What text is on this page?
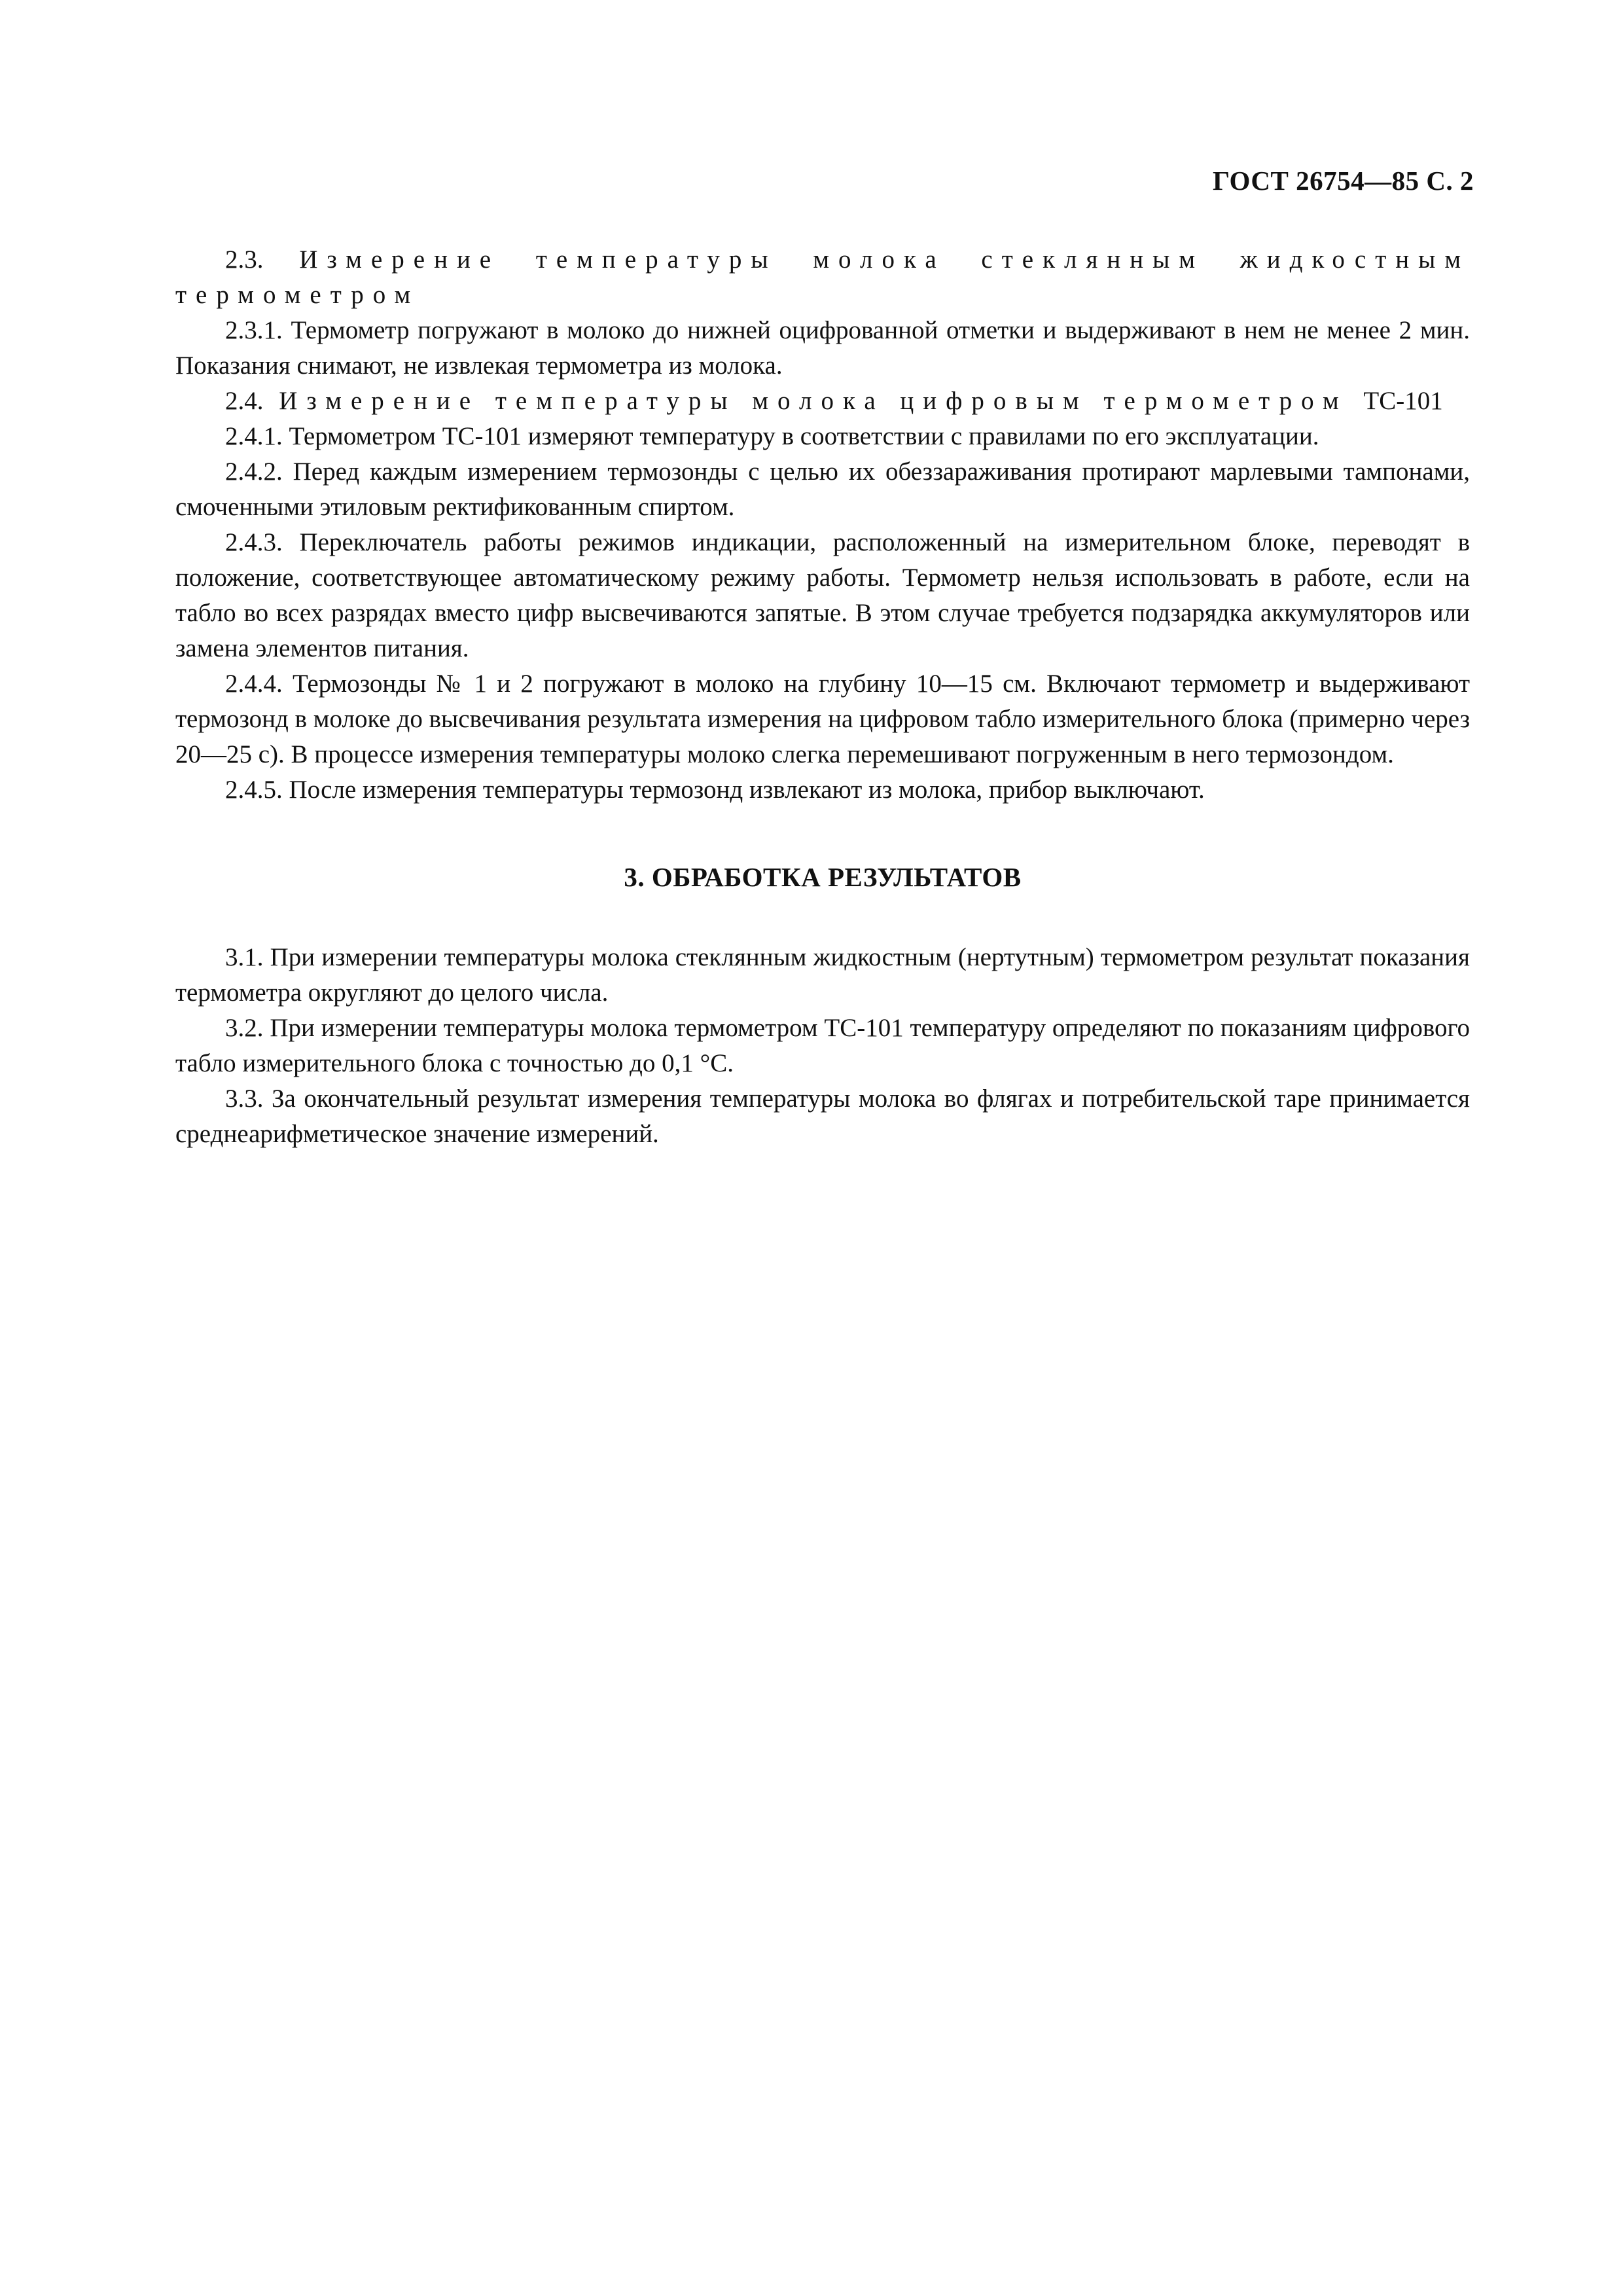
ГОСТ 26754—85 С. 2

2.3. Измерение температуры молока стеклянным жидкостным термометром

2.3.1. Термометр погружают в молоко до нижней оцифрованной отметки и выдерживают в нем не менее 2 мин. Показания снимают, не извлекая термометра из молока.

2.4. Измерение температуры молока цифровым термометром ТС-101

2.4.1. Термометром ТС-101 измеряют температуру в соответствии с правилами по его эксплуатации.

2.4.2. Перед каждым измерением термозонды с целью их обеззараживания протирают марлевыми тампонами, смоченными этиловым ректификованным спиртом.

2.4.3. Переключатель работы режимов индикации, расположенный на измерительном блоке, переводят в положение, соответствующее автоматическому режиму работы. Термометр нельзя использовать в работе, если на табло во всех разрядах вместо цифр высвечиваются запятые. В этом случае требуется подзарядка аккумуляторов или замена элементов питания.

2.4.4. Термозонды № 1 и 2 погружают в молоко на глубину 10—15 см. Включают термометр и выдерживают термозонд в молоке до высвечивания результата измерения на цифровом табло измерительного блока (примерно через 20—25 с). В процессе измерения температуры молоко слегка перемешивают погруженным в него термозондом.

2.4.5. После измерения температуры термозонд извлекают из молока, прибор выключают.

3. ОБРАБОТКА РЕЗУЛЬТАТОВ

3.1. При измерении температуры молока стеклянным жидкостным (нертутным) термометром результат показания термометра округляют до целого числа.

3.2. При измерении температуры молока термометром ТС-101 температуру определяют по показаниям цифрового табло измерительного блока с точностью до 0,1 °С.

3.3. За окончательный результат измерения температуры молока во флягах и потребительской таре принимается среднеарифметическое значение измерений.
